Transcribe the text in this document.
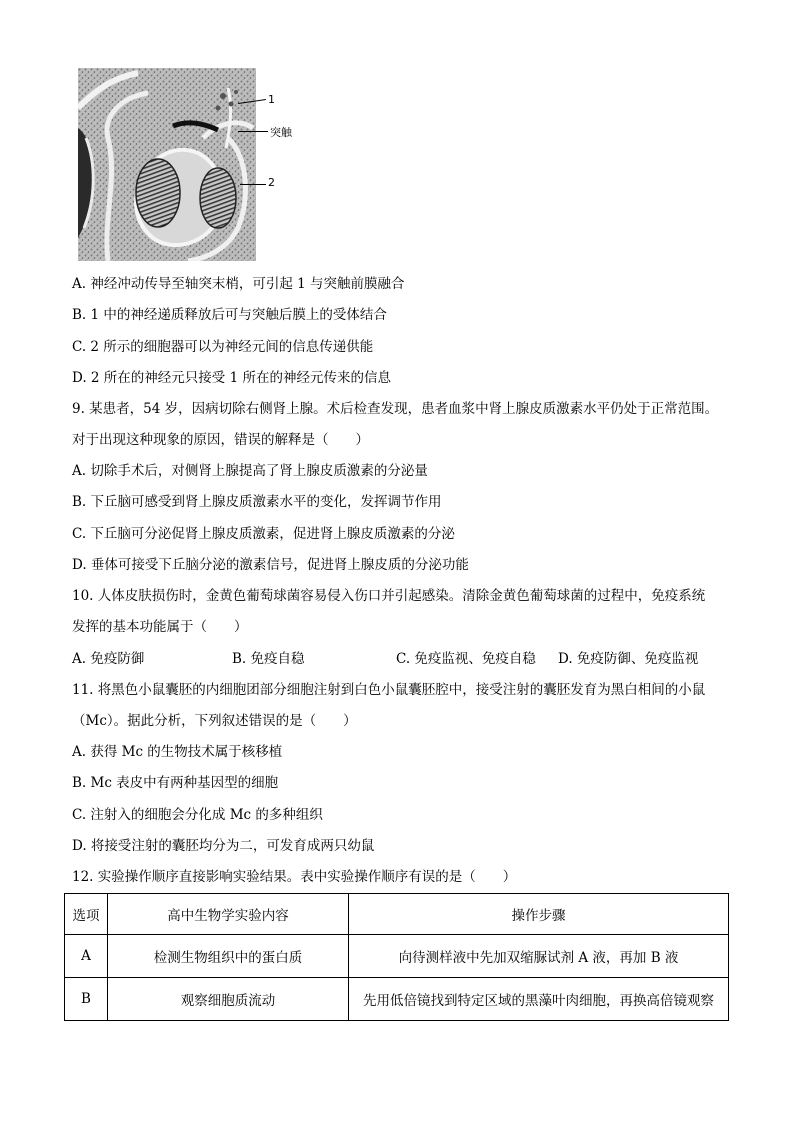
1
突触
2
A. 神经冲动传导至轴突末梢，可引起 1 与突触前膜融合
B. 1 中的神经递质释放后可与突触后膜上的受体结合
C. 2 所示的细胞器可以为神经元间的信息传递供能
D. 2 所在的神经元只接受 1 所在的神经元传来的信息
9. 某患者，54 岁，因病切除右侧肾上腺。术后检查发现，患者血浆中肾上腺皮质激素水平仍处于正常范围。
对于出现这种现象的原因，错误的解释是（　　）
A. 切除手术后，对侧肾上腺提高了肾上腺皮质激素的分泌量
B. 下丘脑可感受到肾上腺皮质激素水平的变化，发挥调节作用
C. 下丘脑可分泌促肾上腺皮质激素，促进肾上腺皮质激素的分泌
D. 垂体可接受下丘脑分泌的激素信号，促进肾上腺皮质的分泌功能
10. 人体皮肤损伤时，金黄色葡萄球菌容易侵入伤口并引起感染。清除金黄色葡萄球菌的过程中，免疫系统
发挥的基本功能属于（　　）
A. 免疫防御	B. 免疫自稳	C. 免疫监视、免疫自稳 D. 免疫防御、免疫监视
11. 将黑色小鼠囊胚的内细胞团部分细胞注射到白色小鼠囊胚腔中，接受注射的囊胚发育为黑白相间的小鼠
（Mc）。据此分析，下列叙述错误的是（　　）
A. 获得 Mc 的生物技术属于核移植
B. Mc 表皮中有两种基因型的细胞
C. 注射入的细胞会分化成 Mc 的多种组织
D. 将接受注射的囊胚均分为二，可发育成两只幼鼠
12. 实验操作顺序直接影响实验结果。表中实验操作顺序有误的是（　　）
选项	高中生物学实验内容	操作步骤
A	检测生物组织中的蛋白质	向待测样液中先加双缩脲试剂 A 液，再加 B 液
B	观察细胞质流动	先用低倍镜找到特定区域的黑藻叶肉细胞，再换高倍镜观察
